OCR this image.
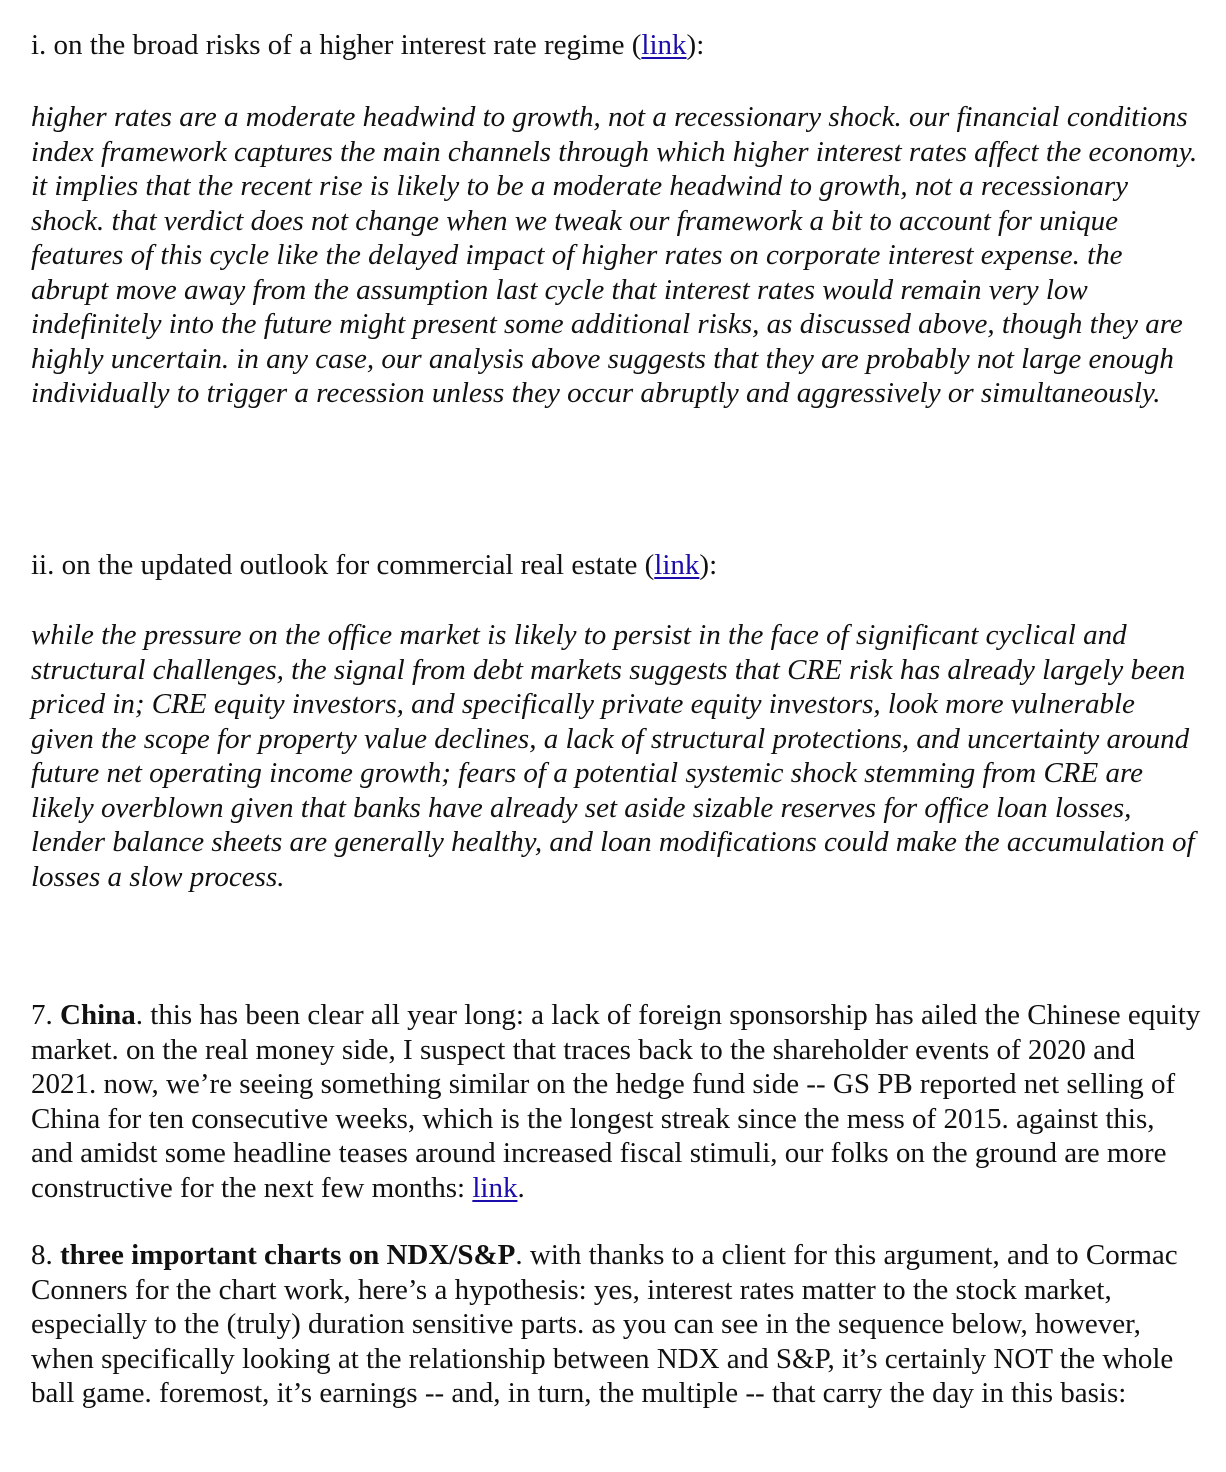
i. on the broad risks of a higher interest rate regime (link):

higher rates are a moderate headwind to growth, not a recessionary shock. our financial conditions index framework captures the main channels through which higher interest rates affect the economy. it implies that the recent rise is likely to be a moderate headwind to growth, not a recessionary shock. that verdict does not change when we tweak our framework a bit to account for unique features of this cycle like the delayed impact of higher rates on corporate interest expense. the abrupt move away from the assumption last cycle that interest rates would remain very low indefinitely into the future might present some additional risks, as discussed above, though they are highly uncertain. in any case, our analysis above suggests that they are probably not large enough individually to trigger a recession unless they occur abruptly and aggressively or simultaneously.

ii. on the updated outlook for commercial real estate (link):

while the pressure on the office market is likely to persist in the face of significant cyclical and structural challenges, the signal from debt markets suggests that CRE risk has already largely been priced in; CRE equity investors, and specifically private equity investors, look more vulnerable given the scope for property value declines, a lack of structural protections, and uncertainty around future net operating income growth; fears of a potential systemic shock stemming from CRE are likely overblown given that banks have already set aside sizable reserves for office loan losses, lender balance sheets are generally healthy, and loan modifications could make the accumulation of losses a slow process.

7. China. this has been clear all year long: a lack of foreign sponsorship has ailed the Chinese equity market. on the real money side, I suspect that traces back to the shareholder events of 2020 and 2021. now, we’re seeing something similar on the hedge fund side -- GS PB reported net selling of China for ten consecutive weeks, which is the longest streak since the mess of 2015. against this, and amidst some headline teases around increased fiscal stimuli, our folks on the ground are more constructive for the next few months: link.

8. three important charts on NDX/S&P. with thanks to a client for this argument, and to Cormac Conners for the chart work, here’s a hypothesis: yes, interest rates matter to the stock market, especially to the (truly) duration sensitive parts. as you can see in the sequence below, however, when specifically looking at the relationship between NDX and S&P, it’s certainly NOT the whole ball game. foremost, it’s earnings -- and, in turn, the multiple -- that carry the day in this basis:
